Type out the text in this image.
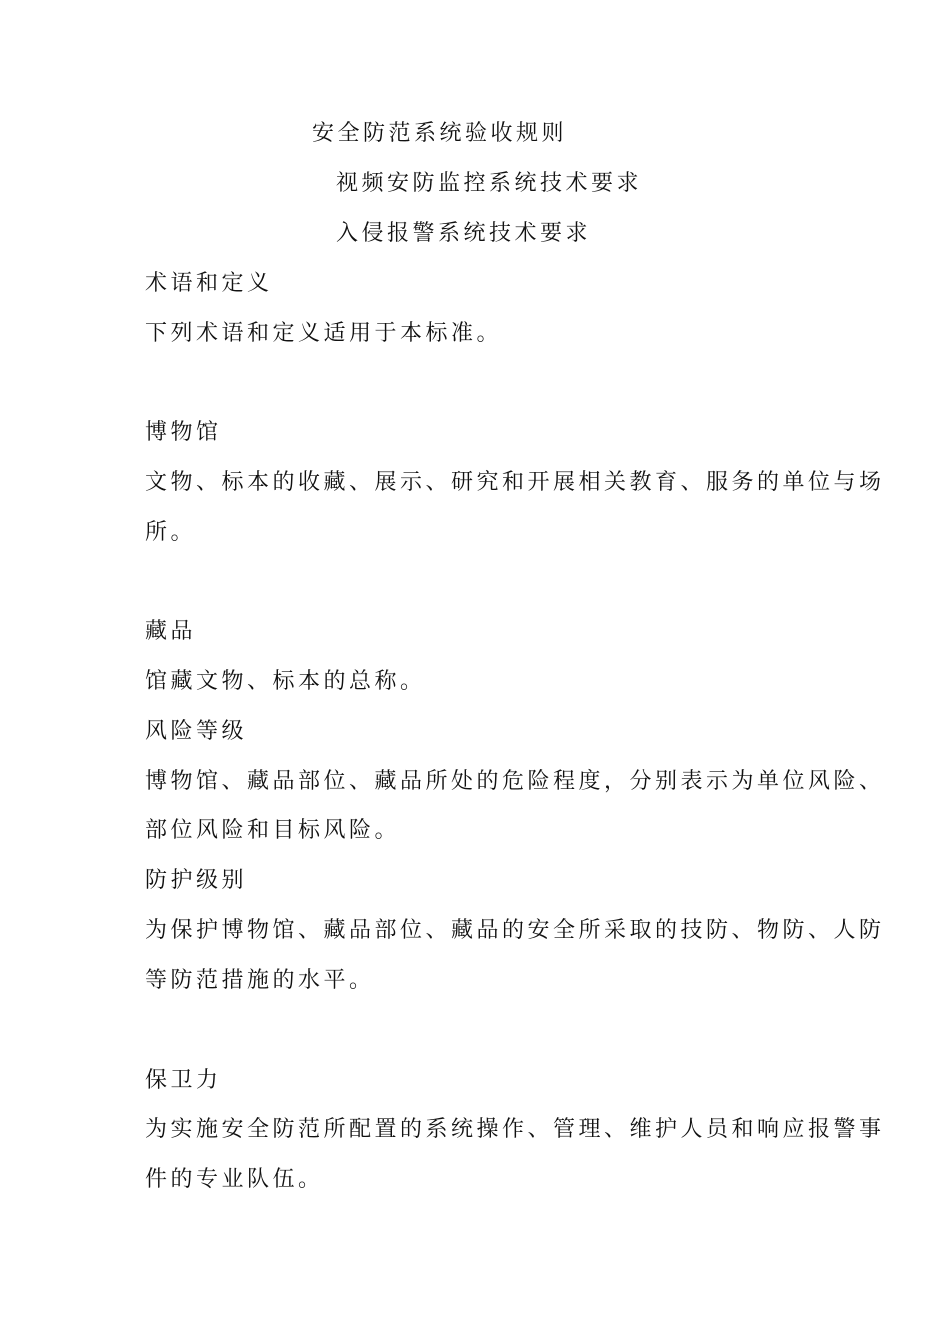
安全防范系统验收规则
视频安防监控系统技术要求
入侵报警系统技术要求
术语和定义
下列术语和定义适用于本标准。
博物馆
文物、标本的收藏、展示、研究和开展相关教育、服务的单位与场
所。
藏品
馆藏文物、标本的总称。
风险等级
博物馆、藏品部位、藏品所处的危险程度，分别表示为单位风险、
部位风险和目标风险。
防护级别
为保护博物馆、藏品部位、藏品的安全所采取的技防、物防、人防
等防范措施的水平。
保卫力
为实施安全防范所配置的系统操作、管理、维护人员和响应报警事
件的专业队伍。
